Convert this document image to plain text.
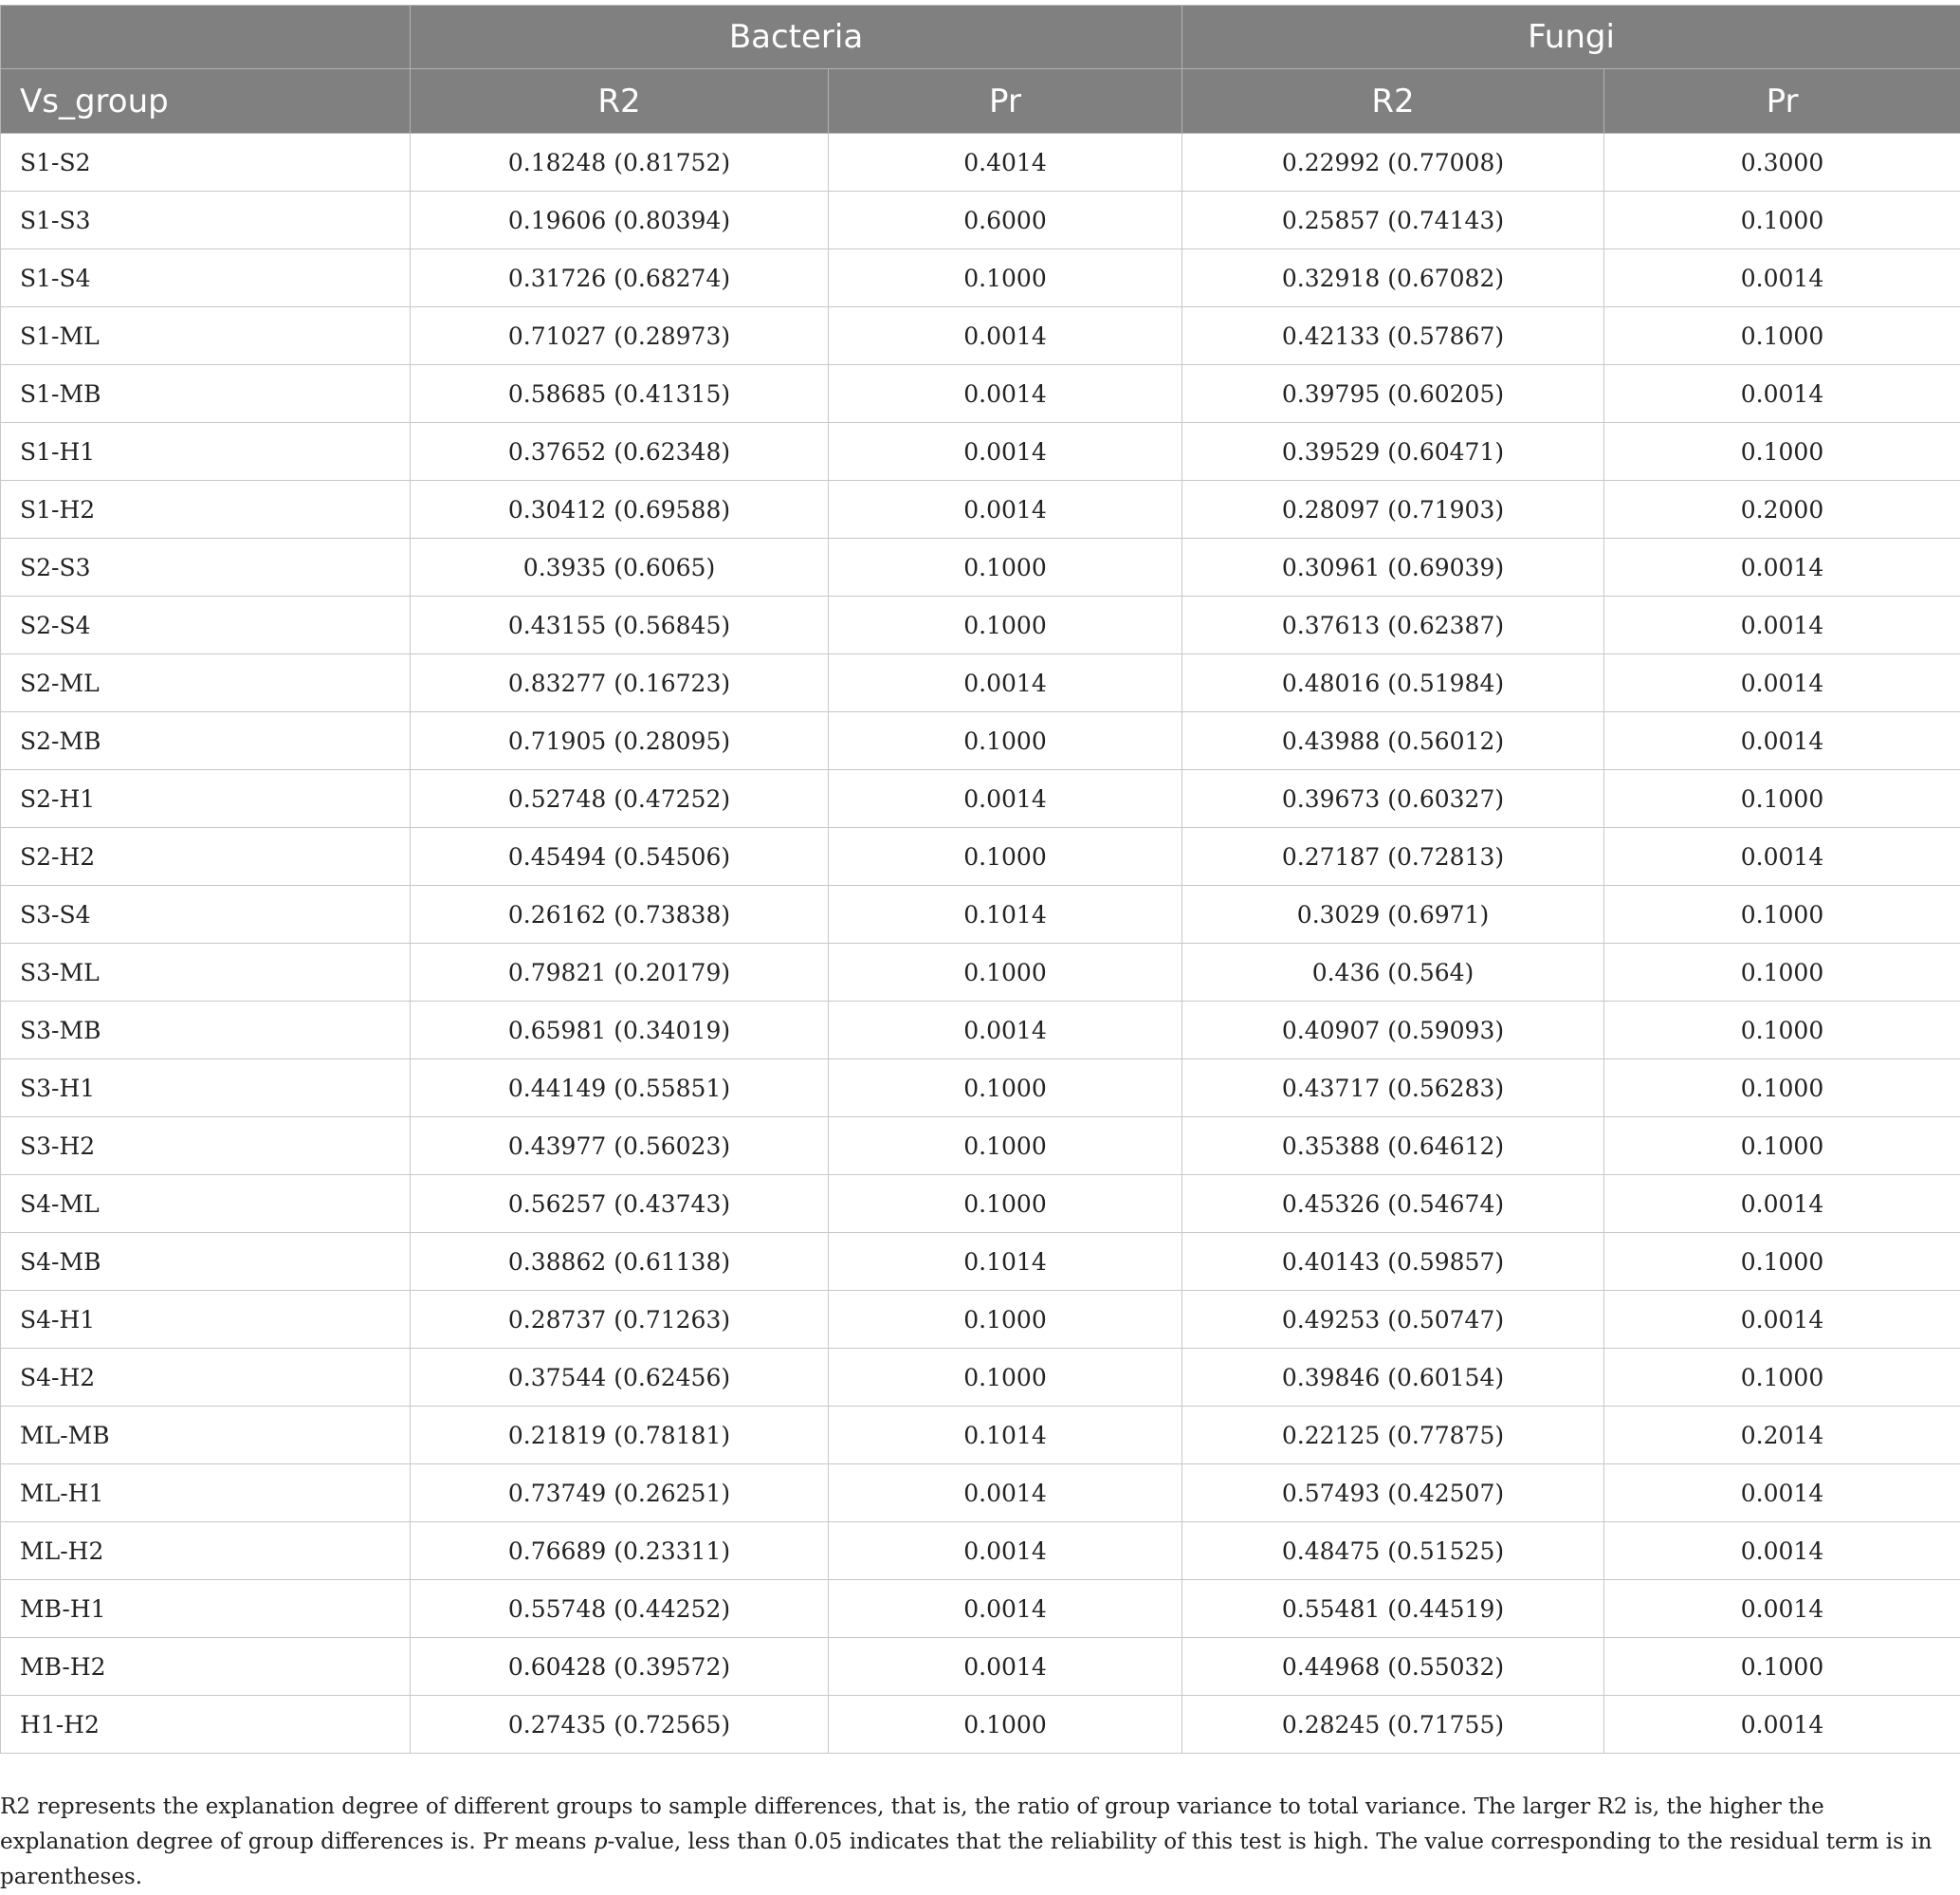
	Bacteria		Fungi	
Vs_group	R2	Pr	R2	Pr
S1-S2	0.18248 (0.81752)	0.4014	0.22992 (0.77008)	0.3000
S1-S3	0.19606 (0.80394)	0.6000	0.25857 (0.74143)	0.1000
S1-S4	0.31726 (0.68274)	0.1000	0.32918 (0.67082)	0.0014
S1-ML	0.71027 (0.28973)	0.0014	0.42133 (0.57867)	0.1000
S1-MB	0.58685 (0.41315)	0.0014	0.39795 (0.60205)	0.0014
S1-H1	0.37652 (0.62348)	0.0014	0.39529 (0.60471)	0.1000
S1-H2	0.30412 (0.69588)	0.0014	0.28097 (0.71903)	0.2000
S2-S3	0.3935 (0.6065)	0.1000	0.30961 (0.69039)	0.0014
S2-S4	0.43155 (0.56845)	0.1000	0.37613 (0.62387)	0.0014
S2-ML	0.83277 (0.16723)	0.0014	0.48016 (0.51984)	0.0014
S2-MB	0.71905 (0.28095)	0.1000	0.43988 (0.56012)	0.0014
S2-H1	0.52748 (0.47252)	0.0014	0.39673 (0.60327)	0.1000
S2-H2	0.45494 (0.54506)	0.1000	0.27187 (0.72813)	0.0014
S3-S4	0.26162 (0.73838)	0.1014	0.3029 (0.6971)	0.1000
S3-ML	0.79821 (0.20179)	0.1000	0.436 (0.564)	0.1000
S3-MB	0.65981 (0.34019)	0.0014	0.40907 (0.59093)	0.1000
S3-H1	0.44149 (0.55851)	0.1000	0.43717 (0.56283)	0.1000
S3-H2	0.43977 (0.56023)	0.1000	0.35388 (0.64612)	0.1000
S4-ML	0.56257 (0.43743)	0.1000	0.45326 (0.54674)	0.0014
S4-MB	0.38862 (0.61138)	0.1014	0.40143 (0.59857)	0.1000
S4-H1	0.28737 (0.71263)	0.1000	0.49253 (0.50747)	0.0014
S4-H2	0.37544 (0.62456)	0.1000	0.39846 (0.60154)	0.1000
ML-MB	0.21819 (0.78181)	0.1014	0.22125 (0.77875)	0.2014
ML-H1	0.73749 (0.26251)	0.0014	0.57493 (0.42507)	0.0014
ML-H2	0.76689 (0.23311)	0.0014	0.48475 (0.51525)	0.0014
MB-H1	0.55748 (0.44252)	0.0014	0.55481 (0.44519)	0.0014
MB-H2	0.60428 (0.39572)	0.0014	0.44968 (0.55032)	0.1000
H1-H2	0.27435 (0.72565)	0.1000	0.28245 (0.71755)	0.0014

R2 represents the explanation degree of different groups to sample differences, that is, the ratio of group variance to total variance. The larger R2 is, the higher the explanation degree of group differences is. Pr means p-value, less than 0.05 indicates that the reliability of this test is high. The value corresponding to the residual term is in parentheses.
